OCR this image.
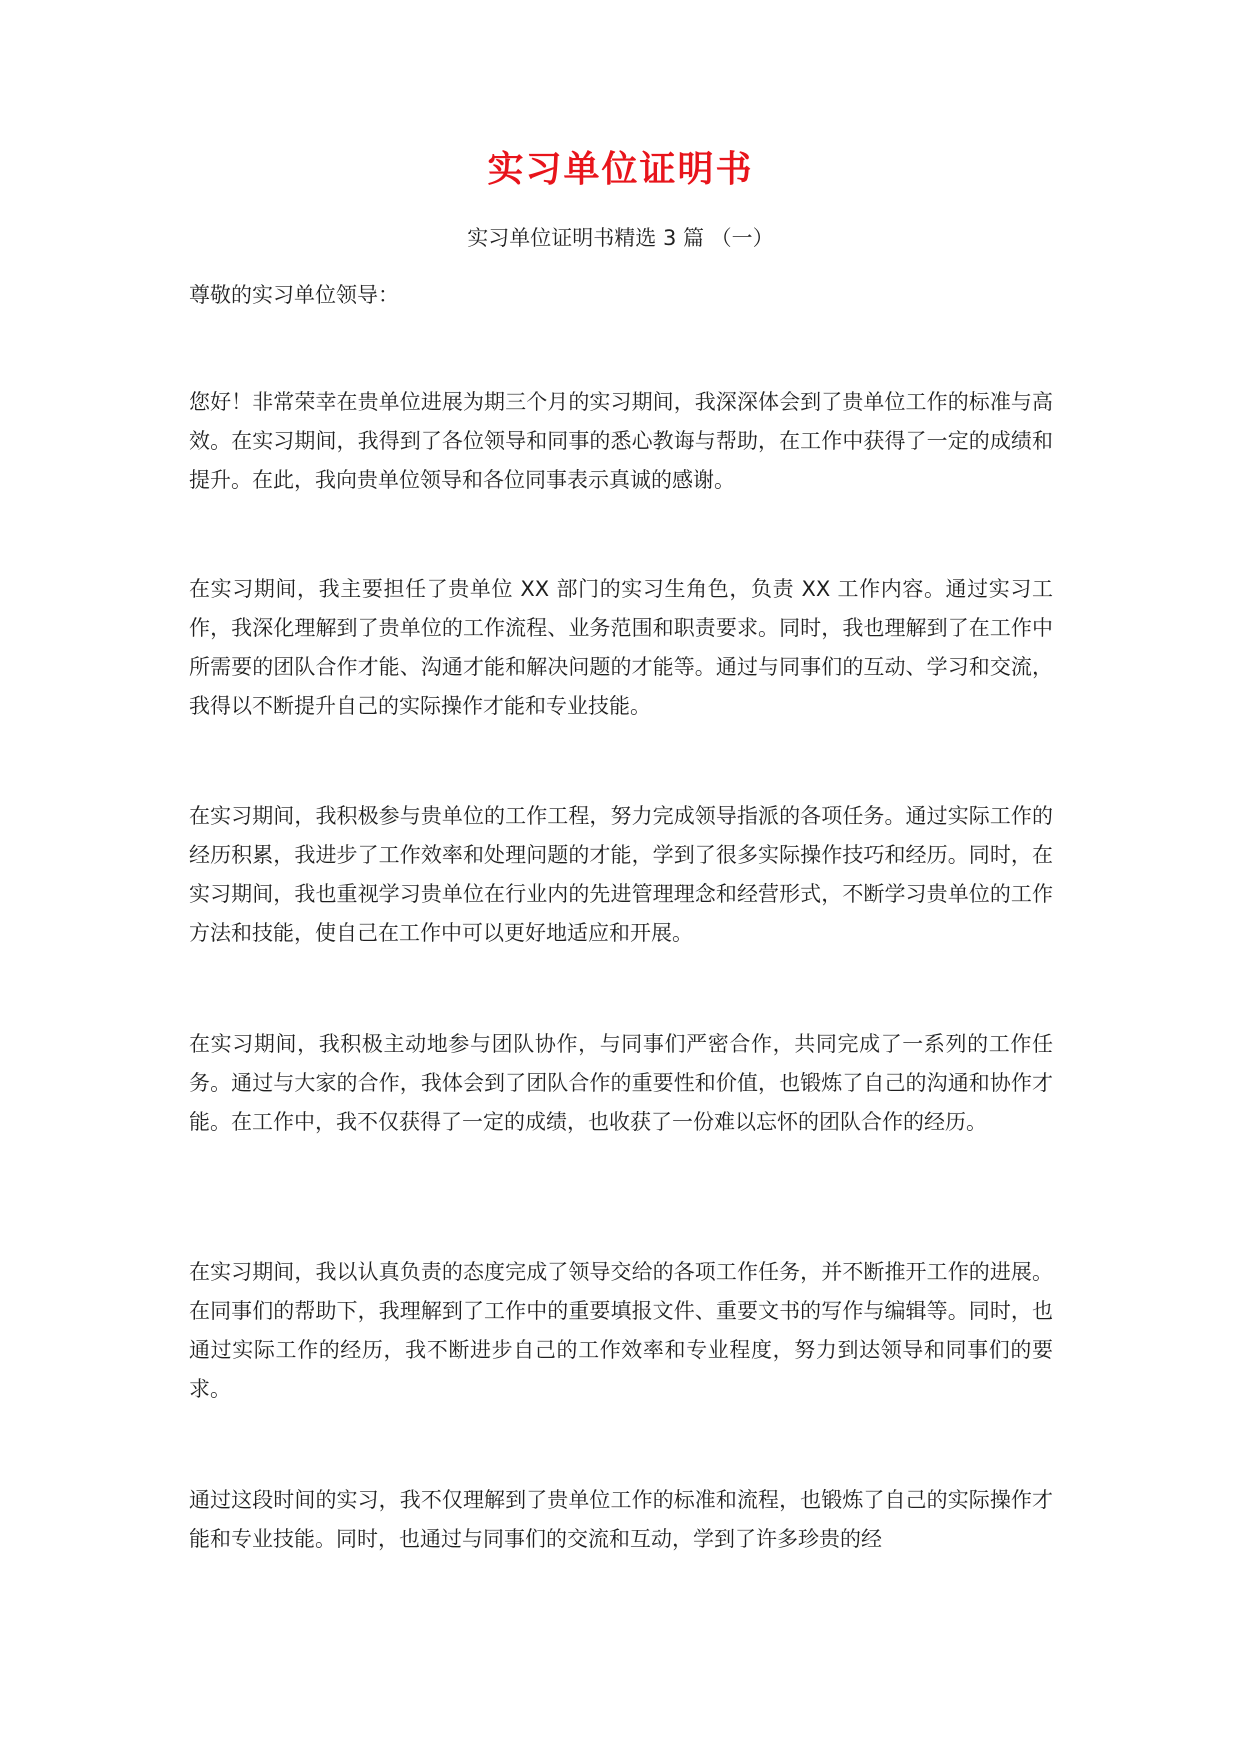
实习单位证明书
实习单位证明书精选 3 篇 （一）

尊敬的实习单位领导：

您好！非常荣幸在贵单位进展为期三个月的实习期间，我深深体会到了贵单位工作的标准与高效。在实习期间，我得到了各位领导和同事的悉心教诲与帮助，在工作中获得了一定的成绩和提升。在此，我向贵单位领导和各位同事表示真诚的感谢。

在实习期间，我主要担任了贵单位 XX 部门的实习生角色，负责 XX 工作内容。通过实习工作，我深化理解到了贵单位的工作流程、业务范围和职责要求。同时，我也理解到了在工作中所需要的团队合作才能、沟通才能和解决问题的才能等。通过与同事们的互动、学习和交流，我得以不断提升自己的实际操作才能和专业技能。

在实习期间，我积极参与贵单位的工作工程，努力完成领导指派的各项任务。通过实际工作的经历积累，我进步了工作效率和处理问题的才能，学到了很多实际操作技巧和经历。同时，在实习期间，我也重视学习贵单位在行业内的先进管理理念和经营形式，不断学习贵单位的工作方法和技能，使自己在工作中可以更好地适应和开展。

在实习期间，我积极主动地参与团队协作，与同事们严密合作，共同完成了一系列的工作任务。通过与大家的合作，我体会到了团队合作的重要性和价值，也锻炼了自己的沟通和协作才能。在工作中，我不仅获得了一定的成绩，也收获了一份难以忘怀的团队合作的经历。

在实习期间，我以认真负责的态度完成了领导交给的各项工作任务，并不断推开工作的进展。在同事们的帮助下，我理解到了工作中的重要填报文件、重要文书的写作与编辑等。同时，也通过实际工作的经历，我不断进步自己的工作效率和专业程度，努力到达领导和同事们的要求。

通过这段时间的实习，我不仅理解到了贵单位工作的标准和流程，也锻炼了自己的实际操作才能和专业技能。同时，也通过与同事们的交流和互动，学到了许多珍贵的经
